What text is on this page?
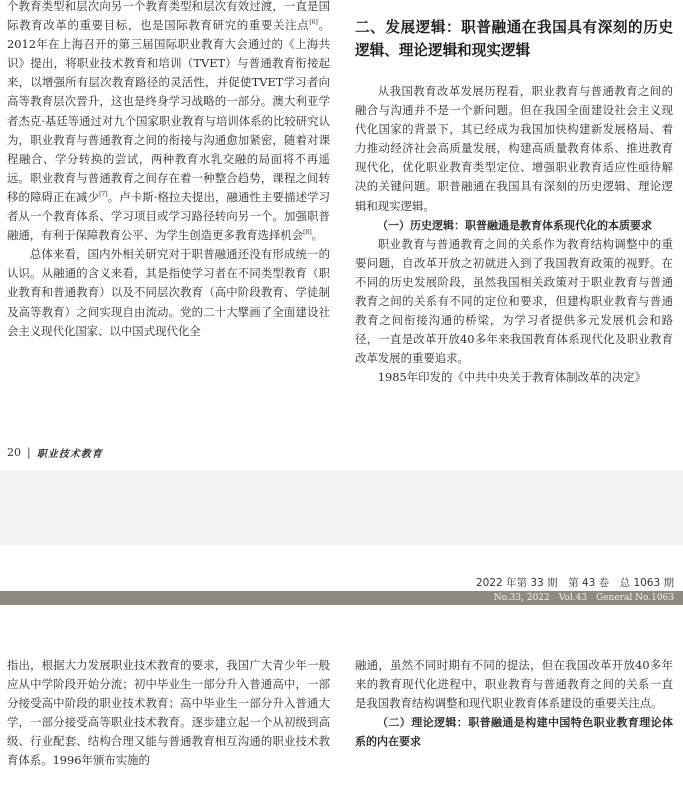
个教育类型和层次向另一个教育类型和层次有效过渡，一直是国际教育改革的重要目标，也是国际教育研究的重要关注点[6]。2012年在上海召开的第三届国际职业教育大会通过的《上海共识》提出，将职业技术教育和培训（TVET）与普通教育衔接起来，以增强所有层次教育路径的灵活性，并促使TVET学习者向高等教育层次晋升，这也是终身学习战略的一部分。澳大利亚学者杰克·基廷等通过对九个国家职业教育与培训体系的比较研究认为，职业教育与普通教育之间的衔接与沟通愈加紧密，随着对课程融合、学分转换的尝试，两种教育水乳交融的局面将不再遥远。职业教育与普通教育之间存在着一种整合趋势，课程之间转移的障碍正在减少[7]。卢卡斯·格拉夫提出，融通性主要描述学习者从一个教育体系、学习项目或学习路径转向另一个。加强职普融通，有利于保障教育公平、为学生创造更多教育选择机会[8]。

总体来看，国内外相关研究对于职普融通还没有形成统一的认识。从融通的含义来看，其是指使学习者在不同类型教育（职业教育和普通教育）以及不同层次教育（高中阶段教育、学徒制及高等教育）之间实现自由流动。党的二十大擘画了全面建设社会主义现代化国家、以中国式现代化全

二、发展逻辑：职普融通在我国具有深刻的历史逻辑、理论逻辑和现实逻辑

从我国教育改革发展历程看，职业教育与普通教育之间的融合与沟通并不是一个新问题。但在我国全面建设社会主义现代化国家的背景下，其已经成为我国加快构建新发展格局、着力推动经济社会高质量发展，构建高质量教育体系、推进教育现代化，优化职业教育类型定位、增强职业教育适应性亟待解决的关键问题。职普融通在我国具有深刻的历史逻辑、理论逻辑和现实逻辑。

（一）历史逻辑：职普融通是教育体系现代化的本质要求

职业教育与普通教育之间的关系作为教育结构调整中的重要问题，自改革开放之初就进入到了我国教育政策的视野。在不同的历史发展阶段，虽然我国相关政策对于职业教育与普通教育之间的关系有不同的定位和要求，但建构职业教育与普通教育之间衔接沟通的桥梁，为学习者提供多元发展机会和路径，一直是改革开放40多年来我国教育体系现代化及职业教育改革发展的重要追求。

1985年印发的《中共中央关于教育体制改革的决定》

20 | 职业技术教育
2022 年第 33 期　第 43 卷　总 1063 期
No.33, 2022　Vol.43　General No.1063

指出，根据大力发展职业技术教育的要求，我国广大青少年一般应从中学阶段开始分流；初中毕业生一部分升入普通高中，一部分接受高中阶段的职业技术教育；高中毕业生一部分升入普通大学，一部分接受高等职业技术教育。逐步建立起一个从初级到高级、行业配套、结构合理又能与普通教育相互沟通的职业技术教育体系。1996年颁布实施的

融通，虽然不同时期有不同的提法，但在我国改革开放40多年来的教育现代化进程中，职业教育与普通教育之间的关系一直是我国教育结构调整和现代职业教育体系建设的重要关注点。

（二）理论逻辑：职普融通是构建中国特色职业教育理论体系的内在要求
